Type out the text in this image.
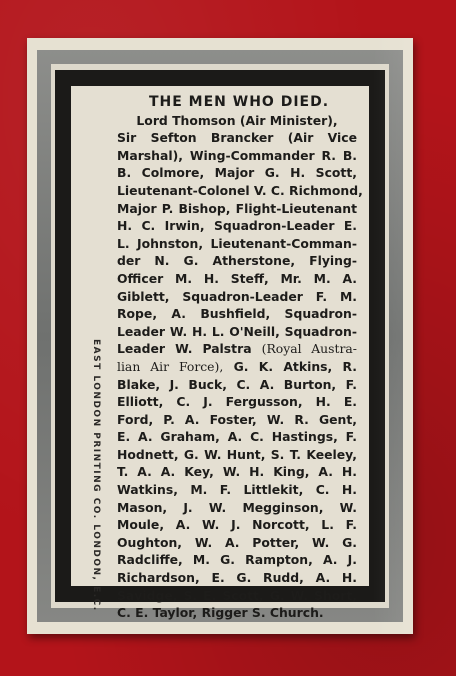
EAST LONDON PRINTING CO. LONDON, E.C.
THE MEN WHO DIED.
Lord Thomson (Air Minister),
Sir Sefton Brancker (Air Vice
Marshal), Wing-Commander R. B.
B. Colmore, Major G. H. Scott,
Lieutenant-Colonel V. C. Richmond,
Major P. Bishop, Flight-Lieutenant
H. C. Irwin, Squadron-Leader E.
L. Johnston, Lieutenant-Comman-
der N. G. Atherstone, Flying-
Officer M. H. Steff, Mr. M. A.
Giblett, Squadron-Leader F. M.
Rope, A. Bushfield, Squadron-
Leader W. H. L. O'Neill, Squadron-
Leader W. Palstra (Royal Austra-
lian Air Force), G. K. Atkins, R.
Blake, J. Buck, C. A. Burton, F.
Elliott, C. J. Fergusson, H. E.
Ford, P. A. Foster, W. R. Gent,
E. A. Graham, A. C. Hastings, F.
Hodnett, G. W. Hunt, S. T. Keeley,
T. A. A. Key, W. H. King, A. H.
Watkins, M. F. Littlekit, C. H.
Mason, J. W. Megginson, W.
Moule, A. W. J. Norcott, L. F.
Oughton, W. A. Potter, W. G.
Radcliffe, M. G. Rampton, A. J.
Richardson, E. G. Rudd, A. H.
Savidge, S. E. Scott, G. W. Short,
C. E. Taylor, Rigger S. Church.
